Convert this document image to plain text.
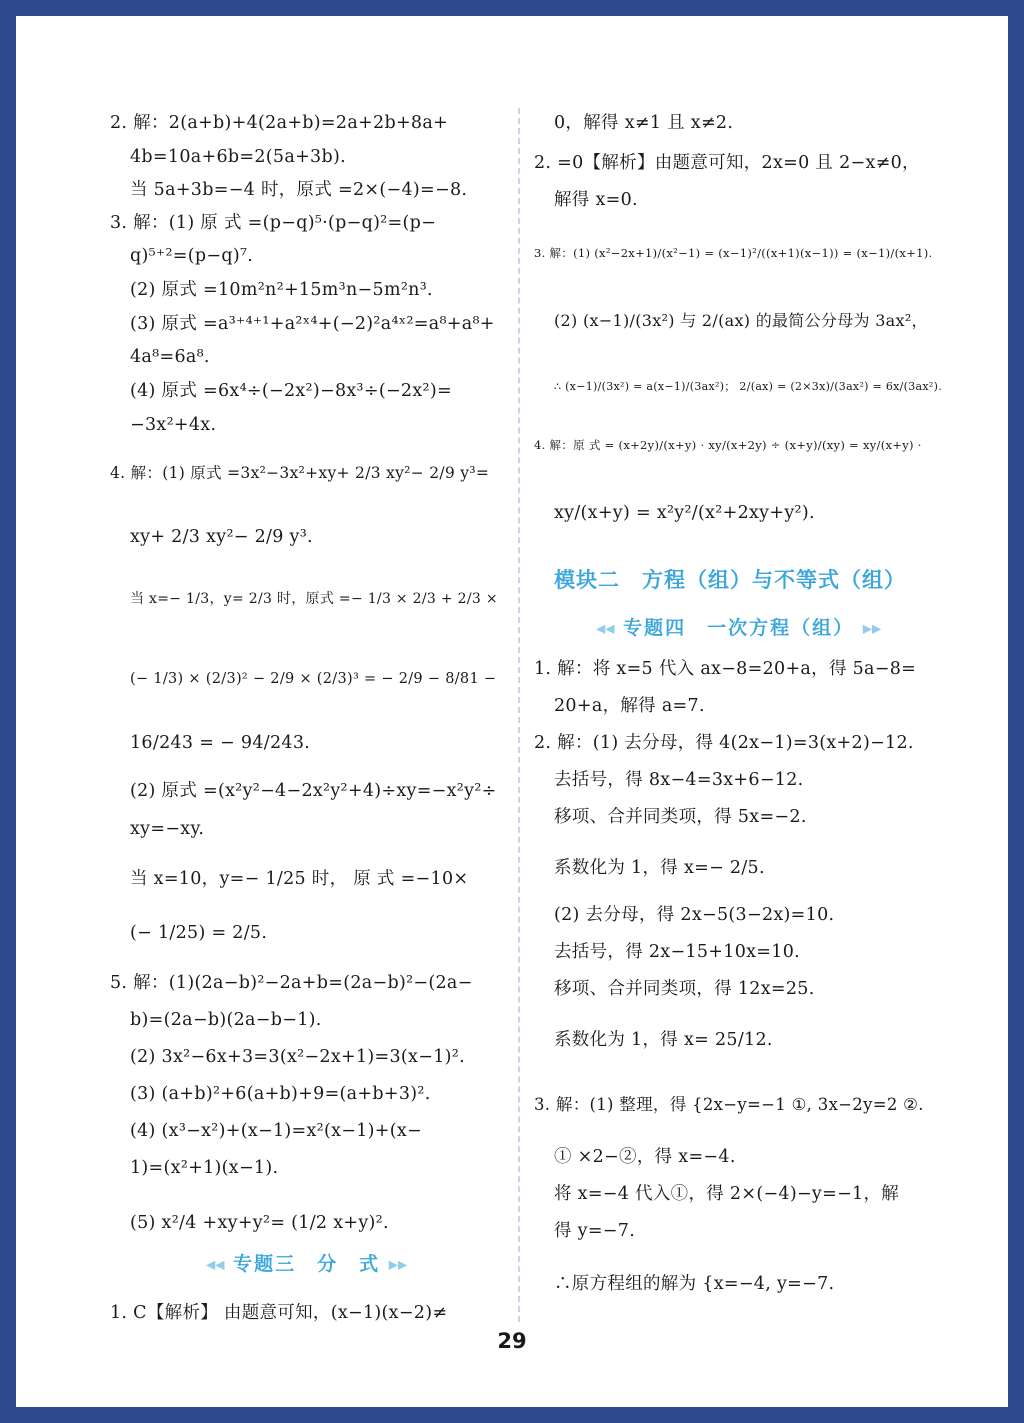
2. 解：2(a+b)+4(2a+b)=2a+2b+8a+
4b=10a+6b=2(5a+3b).
当 5a+3b=−4 时，原式 =2×(−4)=−8.
3. 解：(1) 原 式 =(p−q)⁵·(p−q)²=(p−
q)⁵⁺²=(p−q)⁷.
(2) 原式 =10m²n²+15m³n−5m²n³.
(3) 原式 =a³⁺⁴⁺¹+a²ˣ⁴+(−2)²a⁴ˣ²=a⁸+a⁸+
4a⁸=6a⁸.
(4) 原式 =6x⁴÷(−2x²)−8x³÷(−2x²)=
−3x²+4x.
4. 解：(1) 原式 =3x²−3x²+xy+ 2/3 xy²− 2/9 y³=
xy+ 2/3 xy²− 2/9 y³.
当 x=− 1/3，y= 2/3 时，原式 =− 1/3 × 2/3 + 2/3 ×
(− 1/3) × (2/3)² − 2/9 × (2/3)³ = − 2/9 − 8/81 −
16/243 = − 94/243.
(2) 原式 =(x²y²−4−2x²y²+4)÷xy=−x²y²÷
xy=−xy.
当 x=10，y=− 1/25 时， 原 式 =−10×
(− 1/25) = 2/5.
5. 解：(1)(2a−b)²−2a+b=(2a−b)²−(2a−
b)=(2a−b)(2a−b−1).
(2) 3x²−6x+3=3(x²−2x+1)=3(x−1)².
(3) (a+b)²+6(a+b)+9=(a+b+3)².
(4) (x³−x²)+(x−1)=x²(x−1)+(x−
1)=(x²+1)(x−1).
(5) x²/4 +xy+y²= (1/2 x+y)².
◀◀ 专题三　分　式 ▶▶
1. C【解析】 由题意可知，(x−1)(x−2)≠
0，解得 x≠1 且 x≠2.
2. =0【解析】由题意可知，2x=0 且 2−x≠0，
解得 x=0.
3. 解：(1) (x²−2x+1)/(x²−1) = (x−1)²/((x+1)(x−1)) = (x−1)/(x+1).
(2) (x−1)/(3x²) 与 2/(ax) 的最简公分母为 3ax²，
∴ (x−1)/(3x²) = a(x−1)/(3ax²)； 2/(ax) = (2×3x)/(3ax²) = 6x/(3ax²).
4. 解：原 式 = (x+2y)/(x+y) · xy/(x+2y) ÷ (x+y)/(xy) = xy/(x+y) ·
xy/(x+y) = x²y²/(x²+2xy+y²).
模块二　方程（组）与不等式（组）
◀◀ 专题四　一次方程（组） ▶▶
1. 解：将 x=5 代入 ax−8=20+a，得 5a−8=
20+a，解得 a=7.
2. 解：(1) 去分母，得 4(2x−1)=3(x+2)−12.
去括号，得 8x−4=3x+6−12.
移项、合并同类项，得 5x=−2.
系数化为 1，得 x=− 2/5.
(2) 去分母，得 2x−5(3−2x)=10.
去括号，得 2x−15+10x=10.
移项、合并同类项，得 12x=25.
系数化为 1，得 x= 25/12.
3. 解：(1) 整理，得 {2x−y=−1 ①, 3x−2y=2 ②.
① ×2−②，得 x=−4.
将 x=−4 代入①，得 2×(−4)−y=−1，解
得 y=−7.
∴原方程组的解为 {x=−4, y=−7.
29
